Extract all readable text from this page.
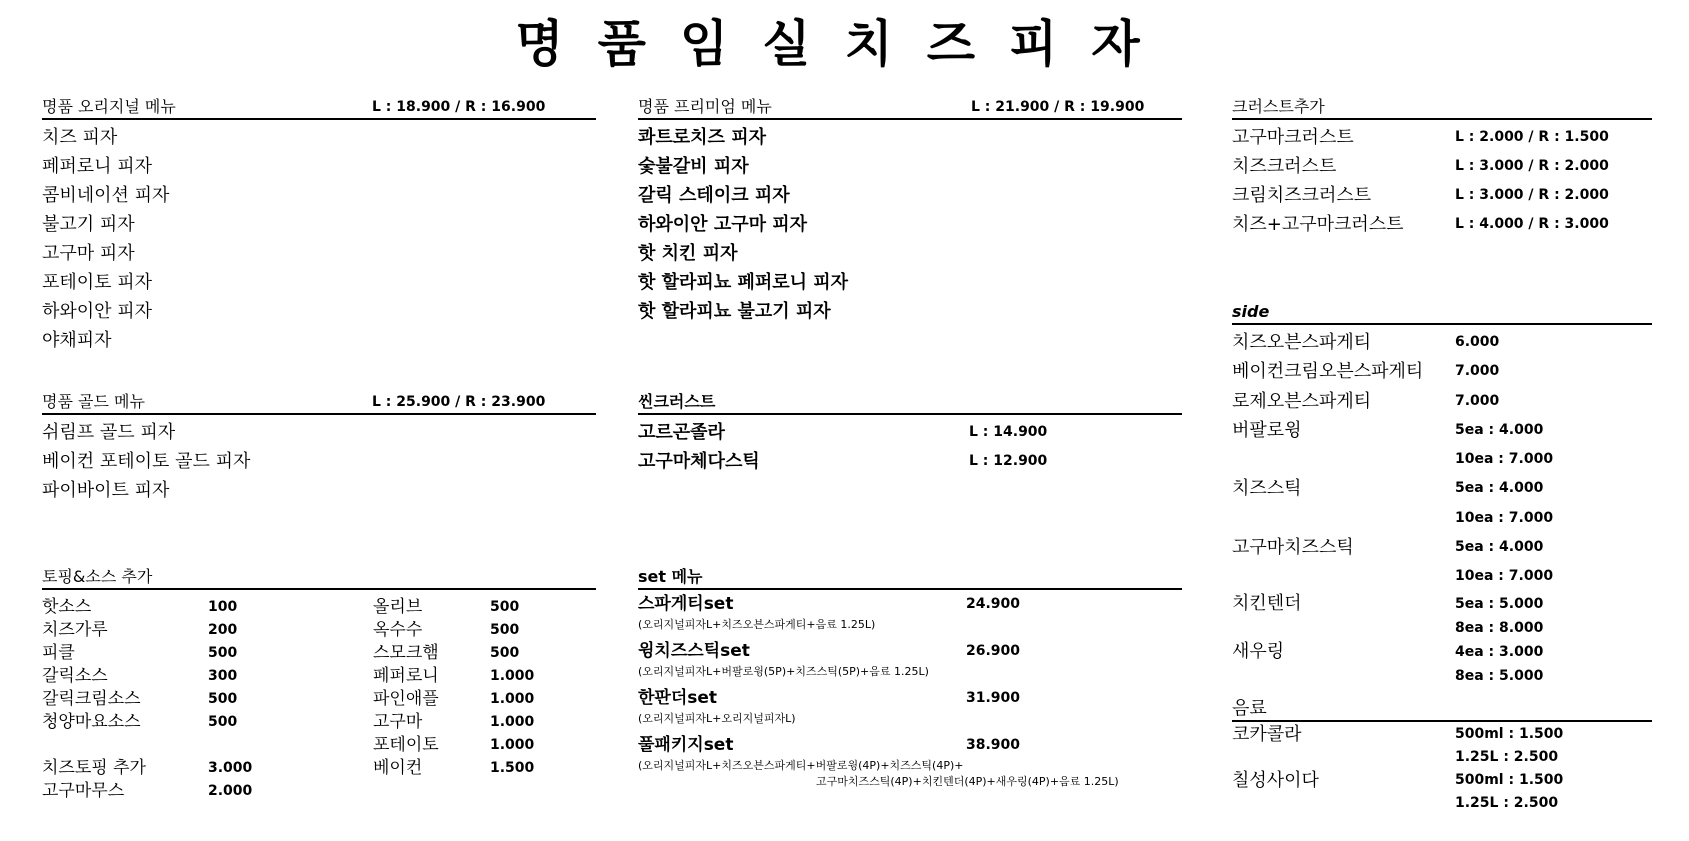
명품임실치즈피자
명품 오리지널 메뉴	L : 18.900 / R : 16.900
치즈 피자
페퍼로니 피자
콤비네이션 피자
불고기 피자
고구마 피자
포테이토 피자
하와이안 피자
야채피자
명품 골드 메뉴	L : 25.900 / R : 23.900
쉬림프 골드 피자
베이컨 포테이토 골드 피자
파이바이트 피자
토핑&소스 추가
핫소스	100
치즈가루	200
피클	500
갈릭소스	300
갈릭크림소스	500
청양마요소스	500
치즈토핑 추가	3.000
고구마무스	2.000
올리브	500
옥수수	500
스모크햄	500
페퍼로니	1.000
파인애플	1.000
고구마	1.000
포테이토	1.000
베이컨	1.500
명품 프리미엄 메뉴	L : 21.900 / R : 19.900
콰트로치즈 피자
숯불갈비 피자
갈릭 스테이크 피자
하와이안 고구마 피자
핫 치킨 피자
핫 할라피뇨 페퍼로니 피자
핫 할라피뇨 불고기 피자
씬크러스트
고르곤졸라	L : 14.900
고구마체다스틱	L : 12.900
set 메뉴
스파게티set	24.900
(오리지널피자L+치즈오븐스파게티+음료 1.25L)
윙치즈스틱set	26.900
(오리지널피자L+버팔로윙(5P)+치즈스틱(5P)+음료 1.25L)
한판더set	31.900
(오리지널피자L+오리지널피자L)
풀패키지set	38.900
(오리지널피자L+치즈오븐스파게티+버팔로윙(4P)+치즈스틱(4P)+
고구마치즈스틱(4P)+치킨텐더(4P)+새우링(4P)+음료 1.25L)
크러스트추가
고구마크러스트	L : 2.000 / R : 1.500
치즈크러스트	L : 3.000 / R : 2.000
크림치즈크러스트	L : 3.000 / R : 2.000
치즈+고구마크러스트	L : 4.000 / R : 3.000
side
치즈오븐스파게티	6.000
베이컨크림오븐스파게티 7.000
로제오븐스파게티	7.000
버팔로윙	5ea : 4.000
10ea : 7.000
치즈스틱	5ea : 4.000
10ea : 7.000
고구마치즈스틱	5ea : 4.000
10ea : 7.000
치킨텐더	5ea : 5.000
8ea : 8.000
새우링	4ea : 3.000
8ea : 5.000
음료
코카콜라	500ml : 1.500
1.25L : 2.500
칠성사이다	500ml : 1.500
1.25L : 2.500
